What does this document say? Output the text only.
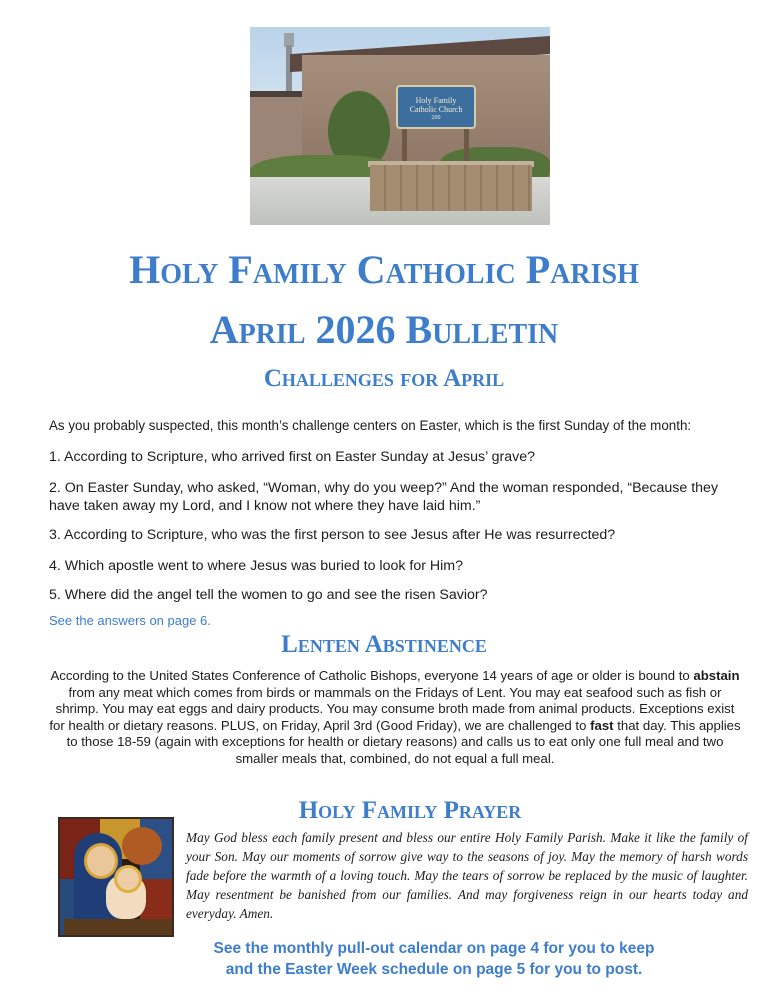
Holy Family
Catholic Church
200
Holy Family Catholic Parish
April 2026 Bulletin
Challenges for April
As you probably suspected, this month’s challenge centers on Easter, which is the first Sunday of the month:
1. According to Scripture, who arrived first on Easter Sunday at Jesus’ grave?
2. On Easter Sunday, who asked, “Woman, why do you weep?” And the woman responded, “Because they have taken away my Lord, and I know not where they have laid him.”
3. According to Scripture, who was the first person to see Jesus after He was resurrected?
4. Which apostle went to where Jesus was buried to look for Him?
5. Where did the angel tell the women to go and see the risen Savior?
See the answers on page 6.
Lenten Abstinence
According to the United States Conference of Catholic Bishops, everyone 14 years of age or older is bound to abstain from any meat which comes from birds or mammals on the Fridays of Lent. You may eat seafood such as fish or shrimp. You may eat eggs and dairy products. You may consume broth made from animal products. Exceptions exist for health or dietary reasons. PLUS, on Friday, April 3rd (Good Friday), we are challenged to fast that day. This applies to those 18-59 (again with exceptions for health or dietary reasons) and calls us to eat only one full meal and two smaller meals that, combined, do not equal a full meal.
Holy Family Prayer
May God bless each family present and bless our entire Holy Family Parish. Make it like the family of your Son. May our moments of sorrow give way to the seasons of joy. May the memory of harsh words fade before the warmth of a loving touch. May the tears of sorrow be replaced by the music of laughter. May resentment be banished from our families. And may forgiveness reign in our hearts today and everyday. Amen.
See the monthly pull-out calendar on page 4 for you to keep
and the Easter Week schedule on page 5 for you to post.
